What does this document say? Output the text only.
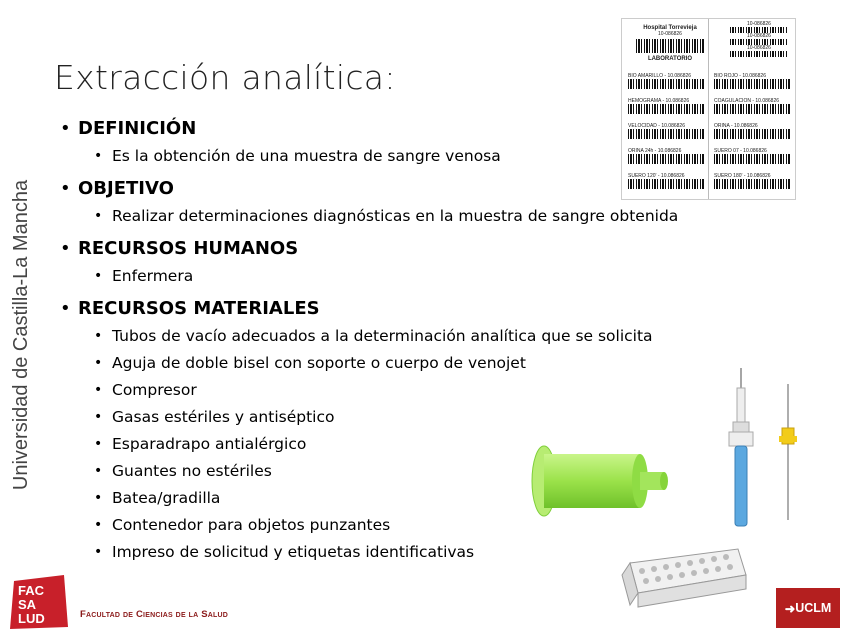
Extracción analítica:
Universidad de Castilla-La Mancha
• DEFINICIÓN
• Es la obtención de una muestra de sangre venosa
• OBJETIVO
• Realizar determinaciones diagnósticas en la muestra de sangre obtenida
• RECURSOS HUMANOS
• Enfermera
• RECURSOS MATERIALES
• Tubos de vacío adecuados a la determinación analítica que se solicita
• Aguja de doble bisel con soporte o cuerpo de venojet
• Compresor
• Gasas estériles y antiséptico
• Esparadrapo antialérgico
• Guantes no estériles
• Batea/gradilla
• Contenedor para objetos punzantes
• Impreso de solicitud y etiquetas identificativas
Hospital Torrevieja
10-086826
LABORATORIO
10-086826
10-086826
10-086826
BIO AMARILLO - 10.086826	BIO ROJO - 10.086826
HEMOGRAMA - 10.086826	COAGULACION - 10.086826
VELOCIDAD - 10.086826	ORINA - 10.086826
ORINA 24h - 10.086826	SUERO 07 - 10.086826
SUERO 120' - 10.086826	SUERO 180' - 10.086826
FAC
SA
LUD	Facultad de Ciencias de la Salud	➜ UCLM
